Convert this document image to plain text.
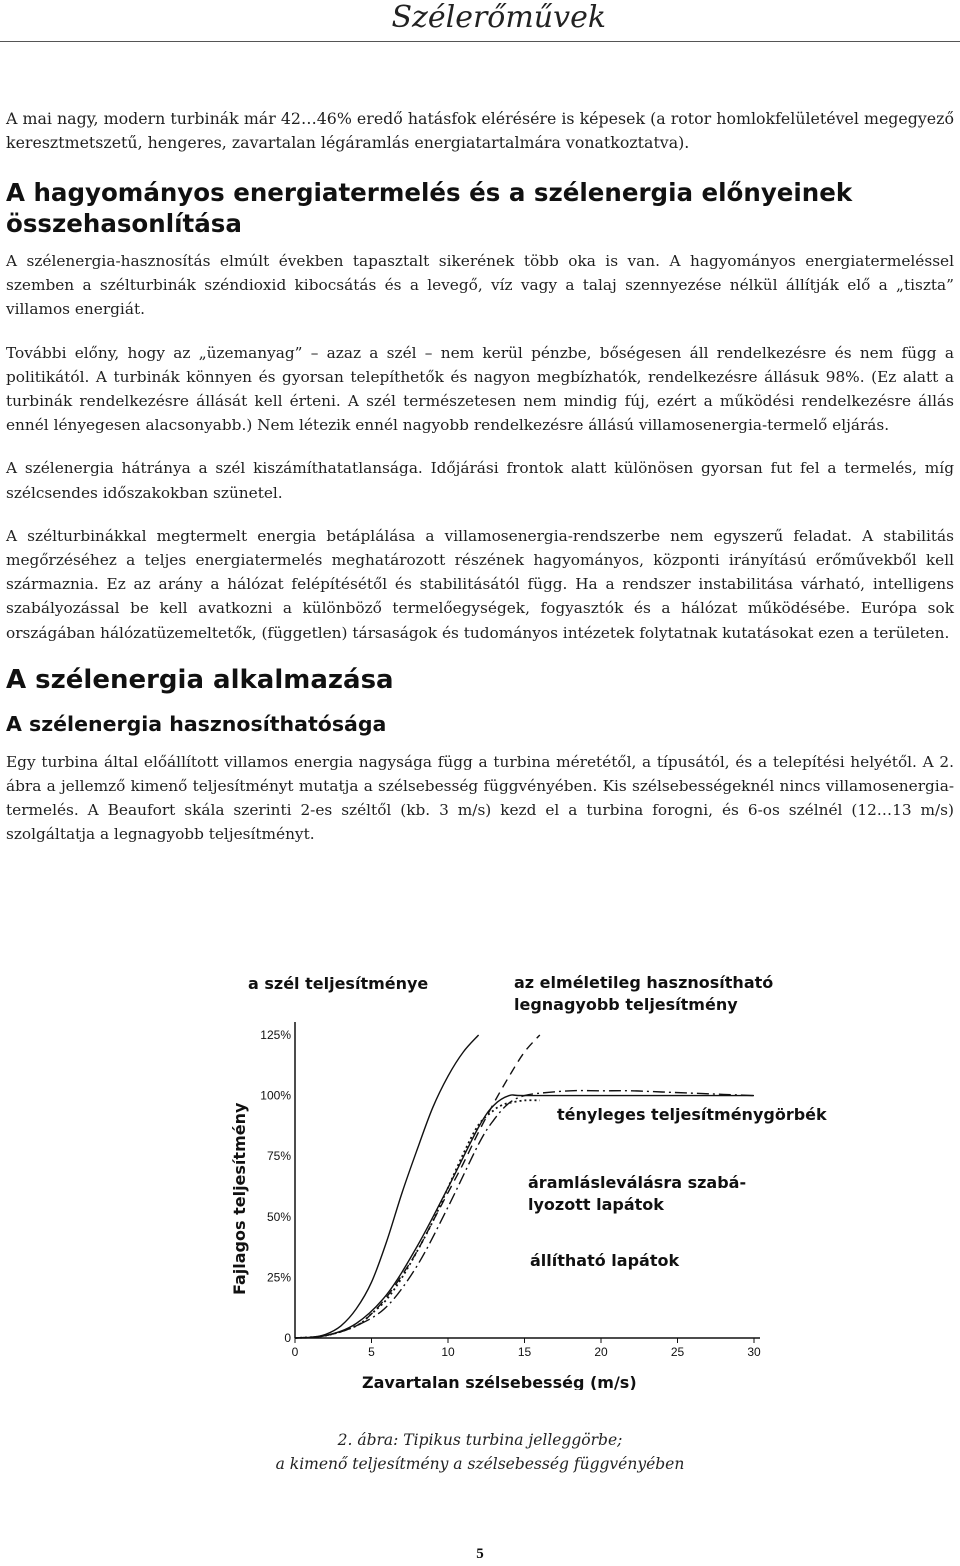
Szélerőművek

A mai nagy, modern turbinák már 42…46% eredő hatásfok elérésére is képesek (a rotor homlokfelületével megegyező keresztmetszetű, hengeres, zavartalan légáramlás energiatartalmára vonatkoztatva).

A hagyományos energiatermelés és a szélenergia előnyeinek összehasonlítása

A szélenergia-hasznosítás elmúlt években tapasztalt sikerének több oka is van. A hagyományos energiatermeléssel szemben a szélturbinák széndioxid kibocsátás és a levegő, víz vagy a talaj szennyezése nélkül állítják elő a „tiszta” villamos energiát.

További előny, hogy az „üzemanyag” – azaz a szél – nem kerül pénzbe, bőségesen áll rendelkezésre és nem függ a politikától. A turbinák könnyen és gyorsan telepíthetők és nagyon megbízhatók, rendelkezésre állásuk 98%. (Ez alatt a turbinák rendelkezésre állását kell érteni. A szél természetesen nem mindig fúj, ezért a működési rendelkezésre állás ennél lényegesen alacsonyabb.) Nem létezik ennél nagyobb rendelkezésre állású villamosenergia-termelő eljárás.

A szélenergia hátránya a szél kiszámíthatatlansága. Időjárási frontok alatt különösen gyorsan fut fel a termelés, míg szélcsendes időszakokban szünetel.

A szélturbinákkal megtermelt energia betáplálása a villamosenergia-rendszerbe nem egyszerű feladat. A stabilitás megőrzéséhez a teljes energiatermelés meghatározott részének hagyományos, központi irányítású erőművekből kell származnia. Ez az arány a hálózat felépítésétől és stabilitásától függ. Ha a rendszer instabilitása várható, intelligens szabályozással be kell avatkozni a különböző termelőegységek, fogyasztók és a hálózat működésébe. Európa sok országában hálózatüzemeltetők, (független) társaságok és tudományos intézetek folytatnak kutatásokat ezen a területen.

A szélenergia alkalmazása
A szélenergia hasznosíthatósága

Egy turbina által előállított villamos energia nagysága függ a turbina méretétől, a típusától, és a telepítési helyétől. A 2. ábra a jellemző kimenő teljesítményt mutatja a szélsebesség függvényében. Kis szélsebességeknél nincs villamosenergia-termelés. A Beaufort skála szerinti 2-es széltől (kb. 3 m/s) kezd el a turbina forogni, és 6-os szélnél (12…13 m/s) szolgáltatja a legnagyobb teljesítményt.

0	5	10	15	20	25	30
0
25%
50%
75%
100%
125%
a szél teljesítménye	az elméletileg hasznosítható
legnagyobb teljesítmény
tényleges teljesítménygörbék
áramlásleválásra szabá-
lyozott lapátok
állítható lapátok
Zavartalan szélsebesség (m/s)
Fajlagos teljesítmény
2. ábra: Tipikus turbina jelleggörbe;
a kimenő teljesítmény a szélsebesség függvényében
5
